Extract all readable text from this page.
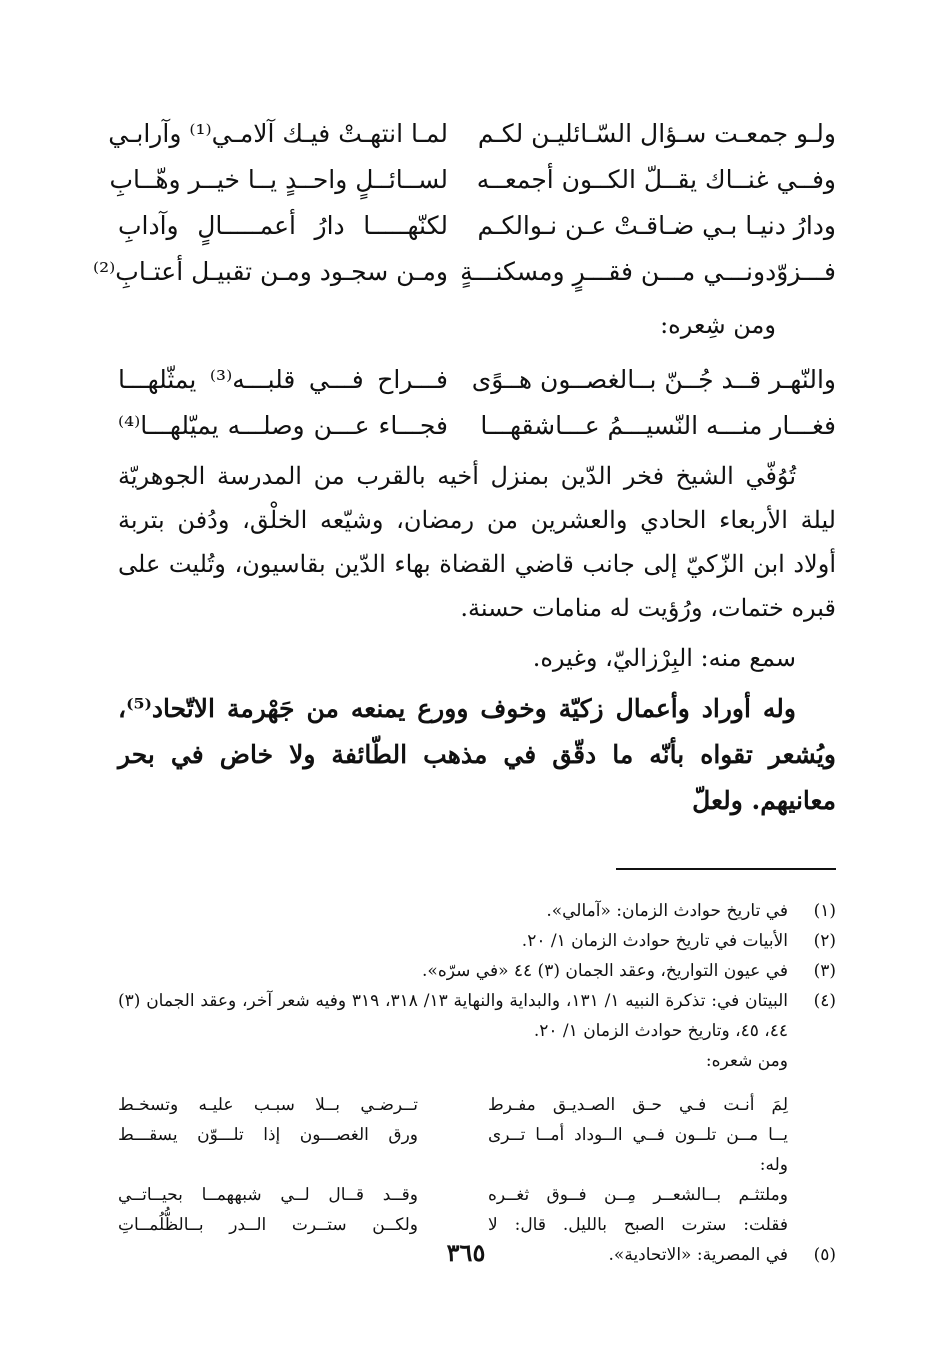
ولـو جمعـت سـؤال السّـائليـن لكـم
لمـا انتهـتْ فيـك آلامـي⁽¹⁾ وآرابـي
وفــي غنــاك يقــلّ الكــون أجمعــه
لســائــلٍ واحــدٍ يــا خيــر وهّــابِ
ودارُ دنيـا بـي ضـاقـتْ عـن نـوالكـم
لكنّهـــــا دارُ أعمـــــالٍ وآدابِ
فـــزوّدونـــي مـــن فقـــرٍ ومسكنـــةٍ
ومـن سجـود ومـن تقبيـل أعتـابِ⁽²⁾
ومن شِعره:
والنّهـر قــد جُــنّ بــالغصــون هــوًى
فـــراح فـــي قلبـــه⁽³⁾ يمثّلهـــا
فغـــار منـــه النّسيـــمُ عـــاشقهـــا
فجـــاء عـــن وصلـــه يميّلهـــا⁽⁴⁾

تُوُفّي الشيخ فخر الدّين بمنزل أخيه بالقرب من المدرسة الجوهريّة ليلة الأربعاء الحادي والعشرين من رمضان، وشيّعه الخلْق، ودُفن بتربة أولاد ابن الزّكيّ إلى جانب قاضي القضاة بهاء الدّين بقاسيون، وتُليت على قبره ختمات، ورُؤيت له منامات حسنة.

سمع منه: البِرْزاليّ، وغيره.

وله أوراد وأعمال زكيّة وخوف وورع يمنعه من جَهْرمة الاتّحاد⁽⁵⁾، ويُشعر تقواه بأنّه ما دقّق في مذهب الطّائفة ولا خاض في بحر معانيهم. ولعلّ

(١)
في تاريخ حوادث الزمان: «آمالي».
(٢)
الأبيات في تاريخ حوادث الزمان ١/ ٢٠.
(٣)
في عيون التواريخ، وعقد الجمان (٣) ٤٤ «في سرّه».
(٤)
البيتان في: تذكرة النبيه ١/ ١٣١، والبداية والنهاية ١٣/ ٣١٨، ٣١٩ وفيه شعر آخر، وعقد الجمان (٣) ٤٤، ٤٥، وتاريخ حوادث الزمان ١/ ٢٠.
ومن شعره:
لِمَ أنـت فـي حـق الصـديـق مفـرط
تــرضـي بــلا سبـب عليـه وتسخـط
يــا مــن تلــون فــي الــوداد أمــا تــرى
ورق الغصـــون إذا تلـــوّن يسقـــط
وله:
وملتثـم بــالشعــر مِــن فــوق ثغــره
وقــد قــال لــي شبههمــا بحيــاتــي
فقلت: سترت الصبح بالليل. قال: لا
ولكــن ستــرت الــدر بــالظُّلُمــاتِ
(٥)
في المصرية: «الاتحادية».
٣٦٥
